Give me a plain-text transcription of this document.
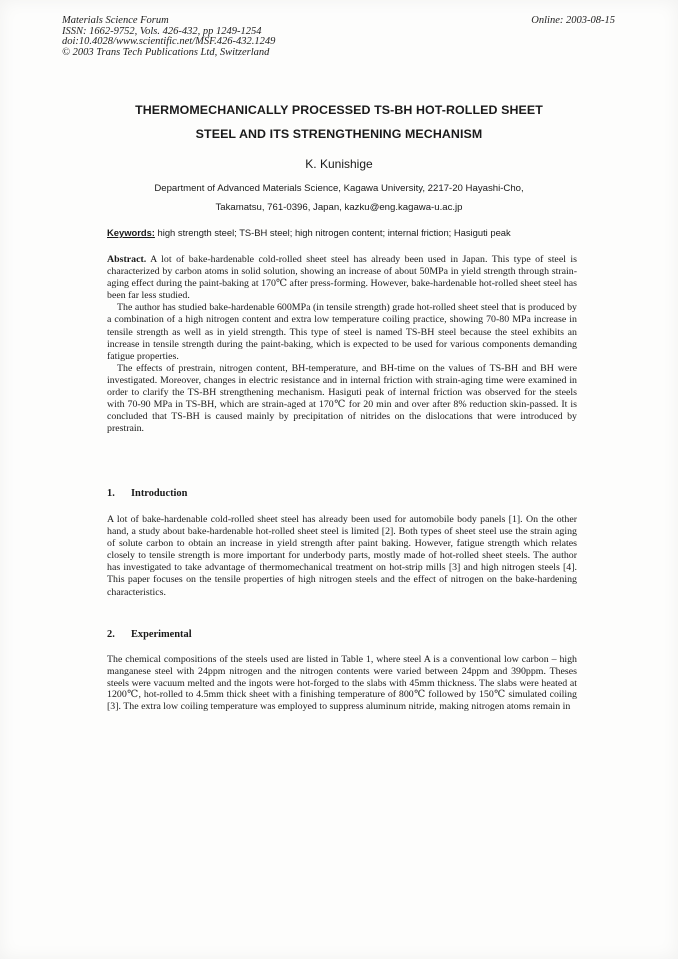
Materials Science Forum
ISSN: 1662-9752, Vols. 426-432, pp 1249-1254
doi:10.4028/www.scientific.net/MSF.426-432.1249
© 2003 Trans Tech Publications Ltd, Switzerland
Online: 2003-08-15
THERMOMECHANICALLY PROCESSED TS-BH HOT-ROLLED SHEET
STEEL AND ITS STRENGTHENING MECHANISM
K. Kunishige
Department of Advanced Materials Science, Kagawa University, 2217-20 Hayashi-Cho,
Takamatsu, 761-0396, Japan, kazku@eng.kagawa-u.ac.jp
Keywords: high strength steel; TS-BH steel; high nitrogen content; internal friction; Hasiguti peak

Abstract. A lot of bake-hardenable cold-rolled sheet steel has already been used in Japan. This type of steel is characterized by carbon atoms in solid solution, showing an increase of about 50MPa in yield strength through strain-aging effect during the paint-baking at 170℃ after press-forming. However, bake-hardenable hot-rolled sheet steel has been far less studied.

The author has studied bake-hardenable 600MPa (in tensile strength) grade hot-rolled sheet steel that is produced by a combination of a high nitrogen content and extra low temperature coiling practice, showing 70-80 MPa increase in tensile strength as well as in yield strength. This type of steel is named TS-BH steel because the steel exhibits an increase in tensile strength during the paint-baking, which is expected to be used for various components demanding fatigue properties.

The effects of prestrain, nitrogen content, BH-temperature, and BH-time on the values of TS-BH and BH were investigated. Moreover, changes in electric resistance and in internal friction with strain-aging time were examined in order to clarify the TS-BH strengthening mechanism. Hasiguti peak of internal friction was observed for the steels with 70-90 MPa in TS-BH, which are strain-aged at 170℃ for 20 min and over after 8% reduction skin-passed. It is concluded that TS-BH is caused mainly by precipitation of nitrides on the dislocations that were introduced by prestrain.

1. Introduction

A lot of bake-hardenable cold-rolled sheet steel has already been used for automobile body panels [1]. On the other hand, a study about bake-hardenable hot-rolled sheet steel is limited [2]. Both types of sheet steel use the strain aging of solute carbon to obtain an increase in yield strength after paint baking. However, fatigue strength which relates closely to tensile strength is more important for underbody parts, mostly made of hot-rolled sheet steels. The author has investigated to take advantage of thermomechanical treatment on hot-strip mills [3] and high nitrogen steels [4]. This paper focuses on the tensile properties of high nitrogen steels and the effect of nitrogen on the bake-hardening characteristics.

2. Experimental

The chemical compositions of the steels used are listed in Table 1, where steel A is a conventional low carbon – high manganese steel with 24ppm nitrogen and the nitrogen contents were varied between 24ppm and 390ppm. Theses steels were vacuum melted and the ingots were hot-forged to the slabs with 45mm thickness. The slabs were heated at 1200℃, hot-rolled to 4.5mm thick sheet with a finishing temperature of 800℃ followed by 150℃ simulated coiling [3]. The extra low coiling temperature was employed to suppress aluminum nitride, making nitrogen atoms remain in
